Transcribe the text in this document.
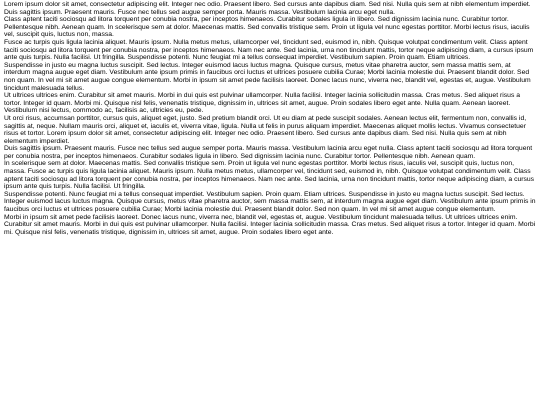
Lorem ipsum dolor sit amet, consectetur adipiscing elit. Integer nec odio. Praesent libero. Sed cursus ante dapibus diam. Sed nisi. Nulla quis sem at nibh elementum imperdiet. Duis sagittis ipsum. Praesent mauris. Fusce nec tellus sed augue semper porta. Mauris massa. Vestibulum lacinia arcu eget nulla.

Class aptent taciti sociosqu ad litora torquent per conubia nostra, per inceptos himenaeos. Curabitur sodales ligula in libero. Sed dignissim lacinia nunc. Curabitur tortor. Pellentesque nibh. Aenean quam. In scelerisque sem at dolor. Maecenas mattis. Sed convallis tristique sem. Proin ut ligula vel nunc egestas porttitor. Morbi lectus risus, iaculis vel, suscipit quis, luctus non, massa.

Fusce ac turpis quis ligula lacinia aliquet. Mauris ipsum. Nulla metus metus, ullamcorper vel, tincidunt sed, euismod in, nibh. Quisque volutpat condimentum velit. Class aptent taciti sociosqu ad litora torquent per conubia nostra, per inceptos himenaeos. Nam nec ante. Sed lacinia, urna non tincidunt mattis, tortor neque adipiscing diam, a cursus ipsum ante quis turpis. Nulla facilisi. Ut fringilla. Suspendisse potenti. Nunc feugiat mi a tellus consequat imperdiet. Vestibulum sapien. Proin quam. Etiam ultrices.

Suspendisse in justo eu magna luctus suscipit. Sed lectus. Integer euismod lacus luctus magna. Quisque cursus, metus vitae pharetra auctor, sem massa mattis sem, at interdum magna augue eget diam. Vestibulum ante ipsum primis in faucibus orci luctus et ultrices posuere cubilia Curae; Morbi lacinia molestie dui. Praesent blandit dolor. Sed non quam. In vel mi sit amet augue congue elementum. Morbi in ipsum sit amet pede facilisis laoreet. Donec lacus nunc, viverra nec, blandit vel, egestas et, augue. Vestibulum tincidunt malesuada tellus.

Ut ultrices ultrices enim. Curabitur sit amet mauris. Morbi in dui quis est pulvinar ullamcorper. Nulla facilisi. Integer lacinia sollicitudin massa. Cras metus. Sed aliquet risus a tortor. Integer id quam. Morbi mi. Quisque nisl felis, venenatis tristique, dignissim in, ultrices sit amet, augue. Proin sodales libero eget ante. Nulla quam. Aenean laoreet. Vestibulum nisi lectus, commodo ac, facilisis ac, ultricies eu, pede.

Ut orci risus, accumsan porttitor, cursus quis, aliquet eget, justo. Sed pretium blandit orci. Ut eu diam at pede suscipit sodales. Aenean lectus elit, fermentum non, convallis id, sagittis at, neque. Nullam mauris orci, aliquet et, iaculis et, viverra vitae, ligula. Nulla ut felis in purus aliquam imperdiet. Maecenas aliquet mollis lectus. Vivamus consectetuer risus et tortor. Lorem ipsum dolor sit amet, consectetur adipiscing elit. Integer nec odio. Praesent libero. Sed cursus ante dapibus diam. Sed nisi. Nulla quis sem at nibh elementum imperdiet.

Duis sagittis ipsum. Praesent mauris. Fusce nec tellus sed augue semper porta. Mauris massa. Vestibulum lacinia arcu eget nulla. Class aptent taciti sociosqu ad litora torquent per conubia nostra, per inceptos himenaeos. Curabitur sodales ligula in libero. Sed dignissim lacinia nunc. Curabitur tortor. Pellentesque nibh. Aenean quam.

In scelerisque sem at dolor. Maecenas mattis. Sed convallis tristique sem. Proin ut ligula vel nunc egestas porttitor. Morbi lectus risus, iaculis vel, suscipit quis, luctus non, massa. Fusce ac turpis quis ligula lacinia aliquet. Mauris ipsum. Nulla metus metus, ullamcorper vel, tincidunt sed, euismod in, nibh. Quisque volutpat condimentum velit. Class aptent taciti sociosqu ad litora torquent per conubia nostra, per inceptos himenaeos. Nam nec ante. Sed lacinia, urna non tincidunt mattis, tortor neque adipiscing diam, a cursus ipsum ante quis turpis. Nulla facilisi. Ut fringilla.

Suspendisse potenti. Nunc feugiat mi a tellus consequat imperdiet. Vestibulum sapien. Proin quam. Etiam ultrices. Suspendisse in justo eu magna luctus suscipit. Sed lectus. Integer euismod lacus luctus magna. Quisque cursus, metus vitae pharetra auctor, sem massa mattis sem, at interdum magna augue eget diam. Vestibulum ante ipsum primis in faucibus orci luctus et ultrices posuere cubilia Curae; Morbi lacinia molestie dui. Praesent blandit dolor. Sed non quam. In vel mi sit amet augue congue elementum.

Morbi in ipsum sit amet pede facilisis laoreet. Donec lacus nunc, viverra nec, blandit vel, egestas et, augue. Vestibulum tincidunt malesuada tellus. Ut ultrices ultrices enim. Curabitur sit amet mauris. Morbi in dui quis est pulvinar ullamcorper. Nulla facilisi. Integer lacinia sollicitudin massa. Cras metus. Sed aliquet risus a tortor. Integer id quam. Morbi mi. Quisque nisl felis, venenatis tristique, dignissim in, ultrices sit amet, augue. Proin sodales libero eget ante.
